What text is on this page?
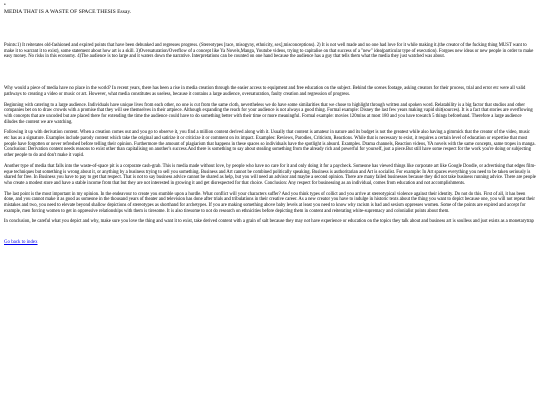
•
MEDIA THAT IS A WASTE OF SPACE THESIS Essay.

Points:1) It reiterates old-fashioned and expired points that have been debunked and regresses progress. (Stereotypes [race, misogyny, ethnicity, sex],misconceptions). 2) It is not well made and no one had love for it while making it.(the creator of the fucking thing MUST want to make it to warrant it to exist), some statement about how art is a skill. 3)Oversaturation/Overflow of a concept like Ya Novels,Manga, Youtube videos, trying to capitalise on that success of a "new" idea(particular type of execution). Forgoes new ideas or new people in order to make easy money. No risks in this economy. 4)The audience is too large and it waters down the narrative. Interpretations can be counted on one hand because the audience has a guy that tells them what the media they just watched was about.

Why would a piece of media have no place in the world? In recent years, there has been a rise in media creation through the easier access to equipment and free education on the subject. Behind the scenes footage, asking creators for their process, trial and error etc were all valid pathways to creating a video or music or art. However, what media constitutes as useless, because it contains a large audience, oversaturation, faulty creation and regression of progress.

Beginning with catering to a large audience. Individuals have unique lives from each other, no one is cut from the same cloth, nevertheless we do have some similarities that we chose to highlight through written and spoken word. Relatability is a big factor that studios and other companies bet on to draw crowds with a promise that they will see themselves in their artpiece. Although expanding the reach for your audience is not always a good thing. Formal example: Disney the last few years making vapid shit(sources). It is a fact that stories are overflowing with concepts that are uncoded but are placed there for extending the time the audience could have to do something better with their time or more meaningful. Formal example: movies 120mins at most 180 and you have towatch 5 things beforehand. Therefore a large audience diludes the content we are watching.

Following it up with derivation content. When a creation comes out and you go to observe it, you find a million content derived along with it. Usually that content is amateur in nature and its budget is not the greatest while also having a gimmick that the creator of the video, music etc has as a signature. Examples include parody content which take the original and satirize it or criticize it or comment on its impact. Examples: Reviews, Parodies, Criticism, Reactions. While that is necessary to exist, it requires a certain level of education or expertise that most people have forgotten or never refreshed before telling their opinion. Furthermore the amount of plagiarism that happens in these spaces so individuals have the spotlight is absurd. Examples. Drama channels, Reaction videos, YA novels with the same concepts, same tropes in manga. Conclusion: Derivation content needs reasons to exist other than capitalising on another's success.And there is something to say about stealing something from the already rich and powerful for yourself, just a piece.But still have some respect for the work you're doing or subjecting other people to do and don't make it vapid.

Another type of media that falls into the waste-of-space pit is a corporate cash-grab. This is media made without love, by people who have no care for it and only doing it for a paycheck. Someone has viewed things like corporate art like Google Doodle, or advertising that edges film-eque techniques but something is wrong about it, or anything by a business trying to sell you something. Business and Art cannot be combined politically speaking. Business is authoritarian and Art is socialist. For example: In Art spaces everything you need to be taken seriously is shared for free. In Business you have to pay to get that respect. That is not to say business advice cannot be shared as help, but you will need an advisor and maybe a second opinion. There are many failed businesses because they did not take business running advice. There are people who create a modest store and have a stable income from that but they are not interested in growing it and get disrespected for that choice. Conclusion: Any respect for businessing as an individual, comes from education and not accomplishments.

The last point is the most important in my opinion. In the endeavour to create you stumble upon a hurdle. What conflict will your characters suffer? And you think types of collict and you arrive at stereotypical violence against their identity. Do not do this. First of all, it has been done, and you cannot make it as good as someone in the thousand years of theater and television has done after trials and tribulations in their creative career. As a new creator you have to indulge in historic texts about the thing you want to depict because one, you will not repeat their mistakes and two, you need to elevate beyond shallow depictions of stereotypes as shorthand for archetypes. If you are making something above baby levels at least you need to know why racism is bad and sexism oppresses women. Some of the points are expired and accept for example, men forcing women to get in oppressive relationships with them is tiresome. It is also tiresome to not do research on ethnicities before depicting them in content and reiterating white-supremacy and colonialist points about them.

In conclusion, be careful what you depict and why, make sure you love the thing and want it to exist, take derived content with a grain of salt because they may not have experience or education on the topics they talk about and business art is soulless and just exists as a monetarytrap

Go back to index
